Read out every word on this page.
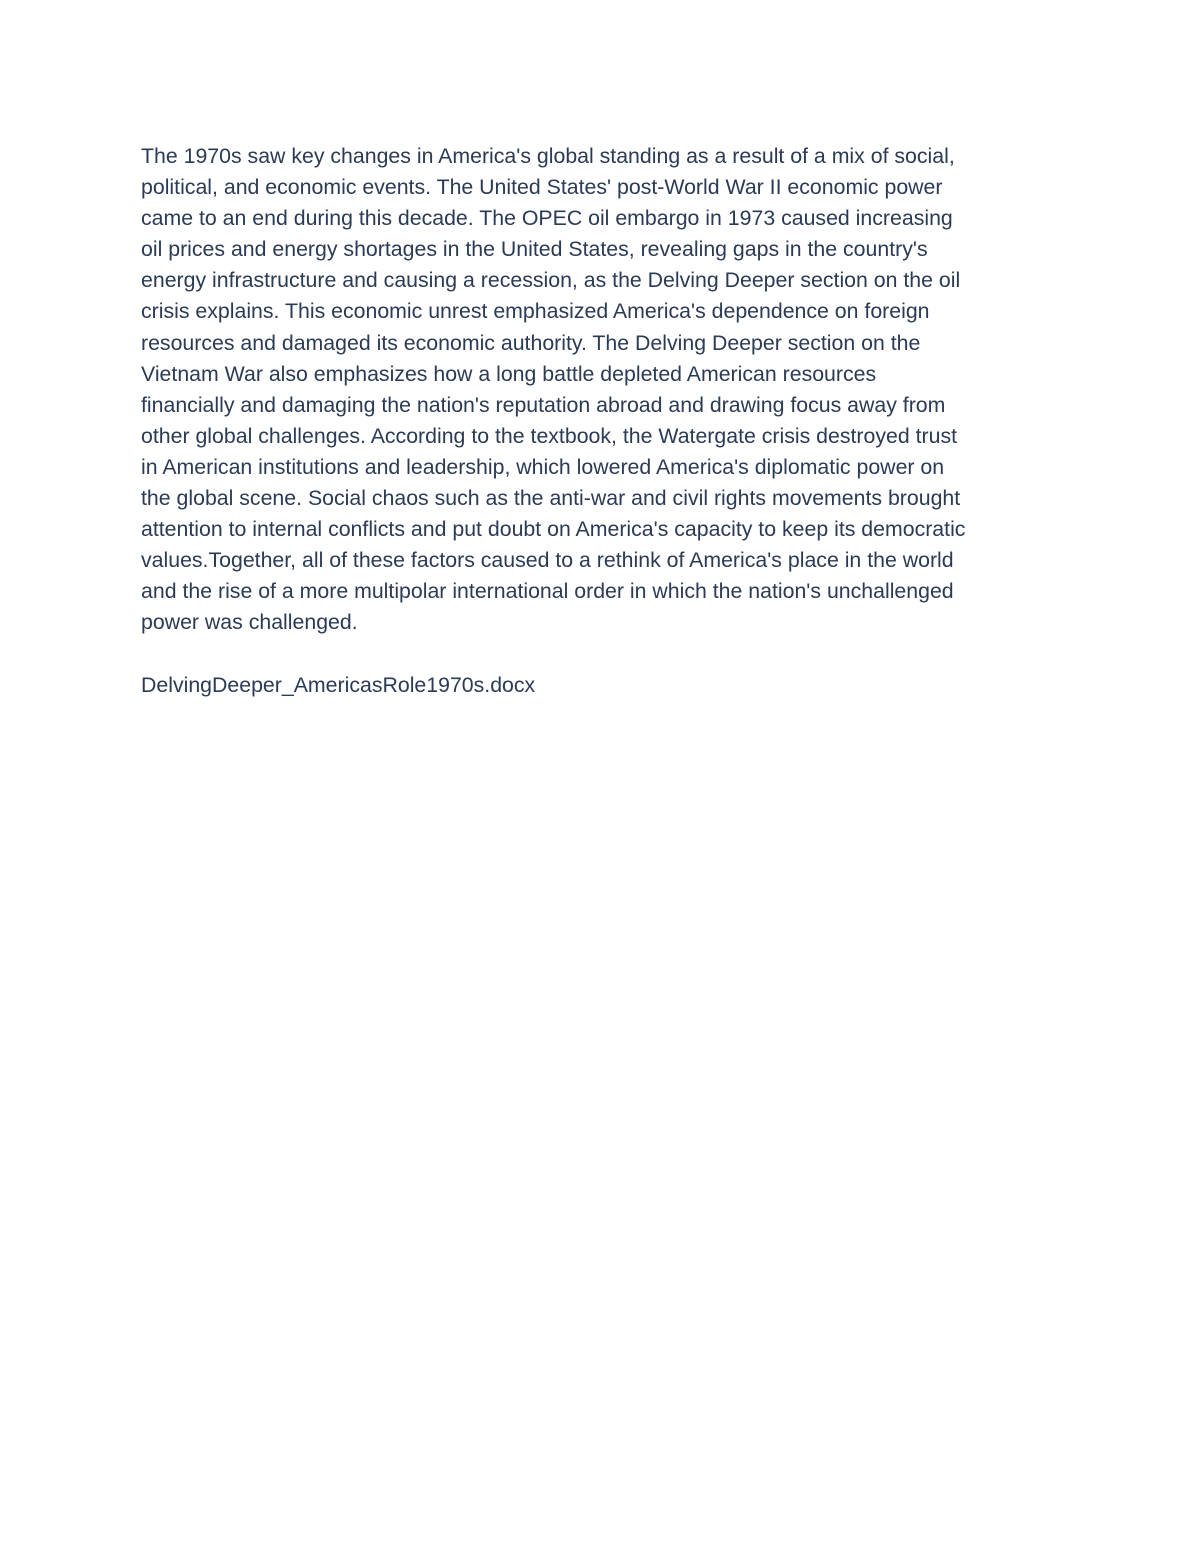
The 1970s saw key changes in America's global standing as a result of a mix of social,
political, and economic events. The United States' post-World War II economic power
came to an end during this decade. The OPEC oil embargo in 1973 caused increasing
oil prices and energy shortages in the United States, revealing gaps in the country's
energy infrastructure and causing a recession, as the Delving Deeper section on the oil
crisis explains. This economic unrest emphasized America's dependence on foreign
resources and damaged its economic authority. The Delving Deeper section on the
Vietnam War also emphasizes how a long battle depleted American resources
financially and damaging the nation's reputation abroad and drawing focus away from
other global challenges. According to the textbook, the Watergate crisis destroyed trust
in American institutions and leadership, which lowered America's diplomatic power on
the global scene. Social chaos such as the anti-war and civil rights movements brought
attention to internal conflicts and put doubt on America's capacity to keep its democratic
values.Together, all of these factors caused to a rethink of America's place in the world
and the rise of a more multipolar international order in which the nation's unchallenged
power was challenged.
DelvingDeeper_AmericasRole1970s.docx
